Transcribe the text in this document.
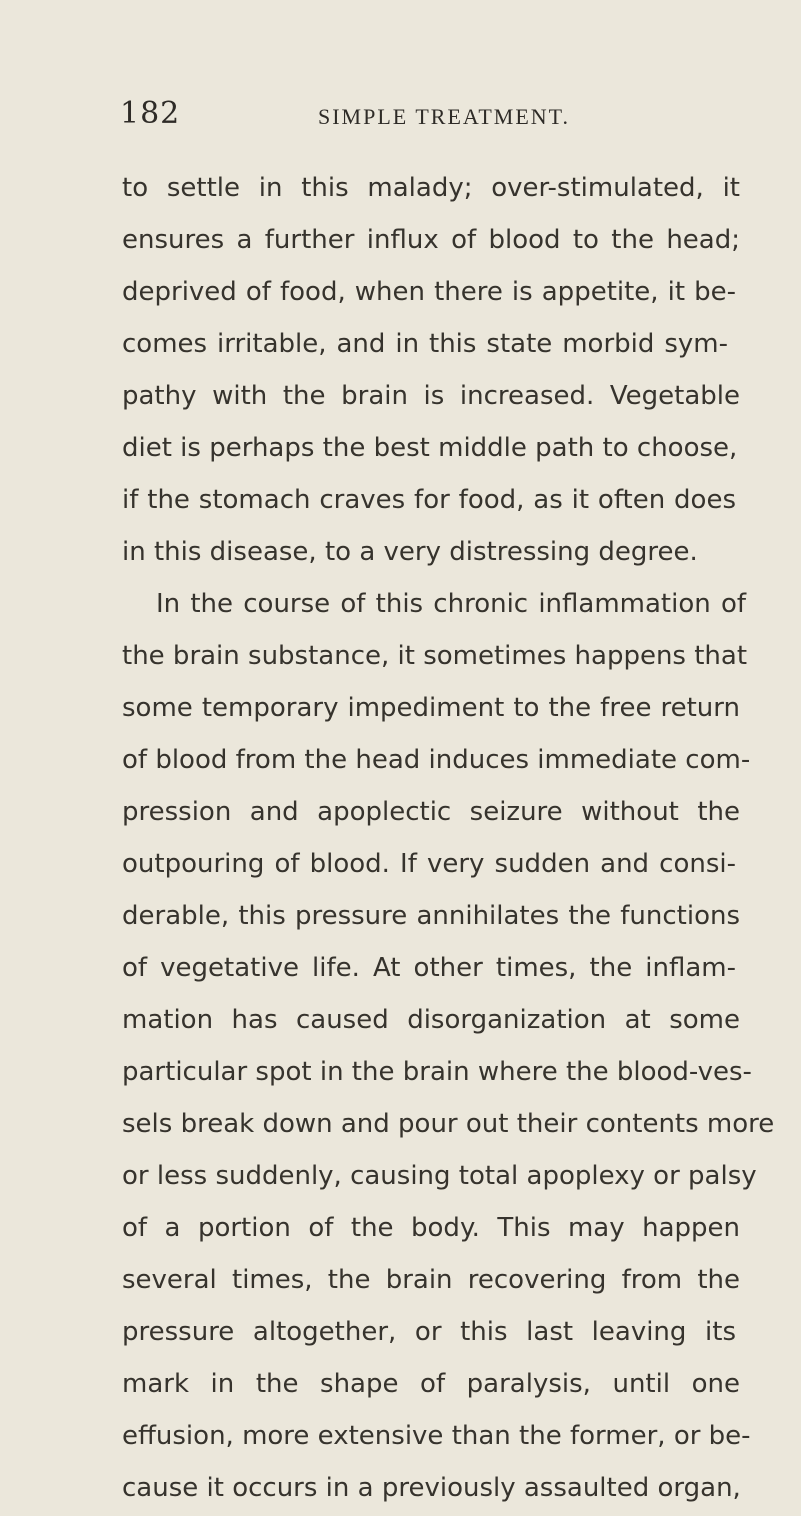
182	SIMPLE TREATMENT.
to settle in this malady; over-stimulated, it
ensures a further influx of blood to the head;
deprived of food, when there is appetite, it be-
comes irritable, and in this state morbid sym-
pathy with the brain is increased. Vegetable
diet is perhaps the best middle path to choose,
if the stomach craves for food, as it often does
in this disease, to a very distressing degree.
In the course of this chronic inflammation of
the brain substance, it sometimes happens that
some temporary impediment to the free return
of blood from the head induces immediate com-
pression and apoplectic seizure without the
outpouring of blood. If very sudden and consi-
derable, this pressure annihilates the functions
of vegetative life. At other times, the inflam-
mation has caused disorganization at some
particular spot in the brain where the blood-ves-
sels break down and pour out their contents more
or less suddenly, causing total apoplexy or palsy
of a portion of the body. This may happen
several times, the brain recovering from the
pressure altogether, or this last leaving its
mark in the shape of paralysis, until one
effusion, more extensive than the former, or be-
cause it occurs in a previously assaulted organ,
